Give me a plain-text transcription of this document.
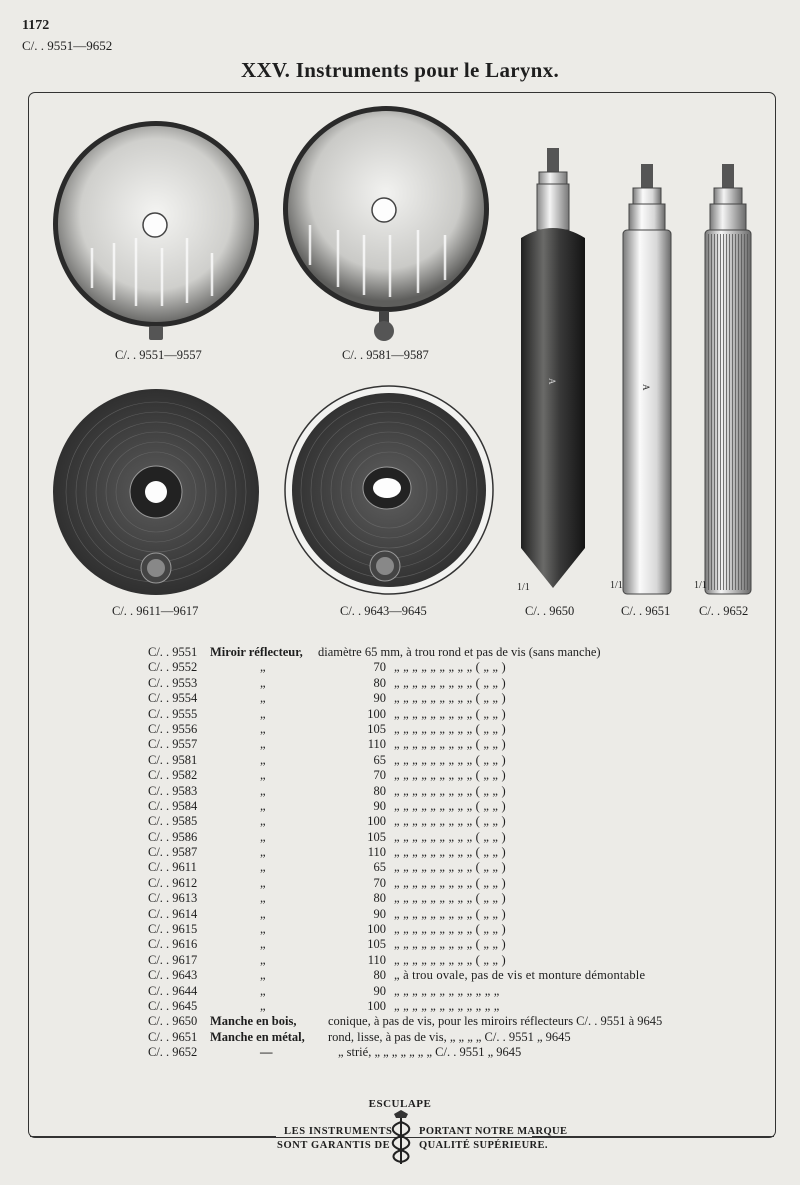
1172
C/. . 9551—9652
XXV. Instruments pour le Larynx.
C/. . 9551—9557	C/. . 9581—9587
C/. . 9611—9617	C/. . 9643—9645
A
C/. . 9650
1/1
A
C/. . 9651
1/1
C/. . 9652
1/1
C/. . 9551 Miroir réflecteur, diamètre 65 mm, à trou rond et pas de vis (sans manche)
C/. . 9552	„	70 „ „ „ „ „ „ „ „ „ ( „ „ )
C/. . 9553	„	80 „ „ „ „ „ „ „ „ „ ( „ „ )
C/. . 9554	„	90 „ „ „ „ „ „ „ „ „ ( „ „ )
C/. . 9555	„	100 „ „ „ „ „ „ „ „ „ ( „ „ )
C/. . 9556	„	105 „ „ „ „ „ „ „ „ „ ( „ „ )
C/. . 9557	„	110 „ „ „ „ „ „ „ „ „ ( „ „ )
C/. . 9581	„	65 „ „ „ „ „ „ „ „ „ ( „ „ )
C/. . 9582	„	70 „ „ „ „ „ „ „ „ „ ( „ „ )
C/. . 9583	„	80 „ „ „ „ „ „ „ „ „ ( „ „ )
C/. . 9584	„	90 „ „ „ „ „ „ „ „ „ ( „ „ )
C/. . 9585	„	100 „ „ „ „ „ „ „ „ „ ( „ „ )
C/. . 9586	„	105 „ „ „ „ „ „ „ „ „ ( „ „ )
C/. . 9587	„	110 „ „ „ „ „ „ „ „ „ ( „ „ )
C/. . 9611	„	65 „ „ „ „ „ „ „ „ „ ( „ „ )
C/. . 9612	„	70 „ „ „ „ „ „ „ „ „ ( „ „ )
C/. . 9613	„	80 „ „ „ „ „ „ „ „ „ ( „ „ )
C/. . 9614	„	90 „ „ „ „ „ „ „ „ „ ( „ „ )
C/. . 9615	„	100 „ „ „ „ „ „ „ „ „ ( „ „ )
C/. . 9616	„	105 „ „ „ „ „ „ „ „ „ ( „ „ )
C/. . 9617	„	110 „ „ „ „ „ „ „ „ „ ( „ „ )
C/. . 9643	„	80 „ à trou ovale, pas de vis et monture démontable
C/. . 9644	„	90 „ „ „ „ „ „ „ „ „ „ „ „
C/. . 9645	„	100 „ „ „ „ „ „ „ „ „ „ „ „
C/. . 9650 Manche en bois,	conique, à pas de vis, pour les miroirs réflecteurs C/. . 9551 à 9645
C/. . 9651 Manche en métal, rond, lisse, à pas de vis, „ „ „ „ C/. . 9551 „ 9645
C/. . 9652	—	„ strié, „ „ „ „ „ „ „ C/. . 9551 „ 9645
ESCULAPE
LES INSTRUMENTS
SONT GARANTIS DE
PORTANT NOTRE MARQUE
QUALITÉ SUPÉRIEURE.
